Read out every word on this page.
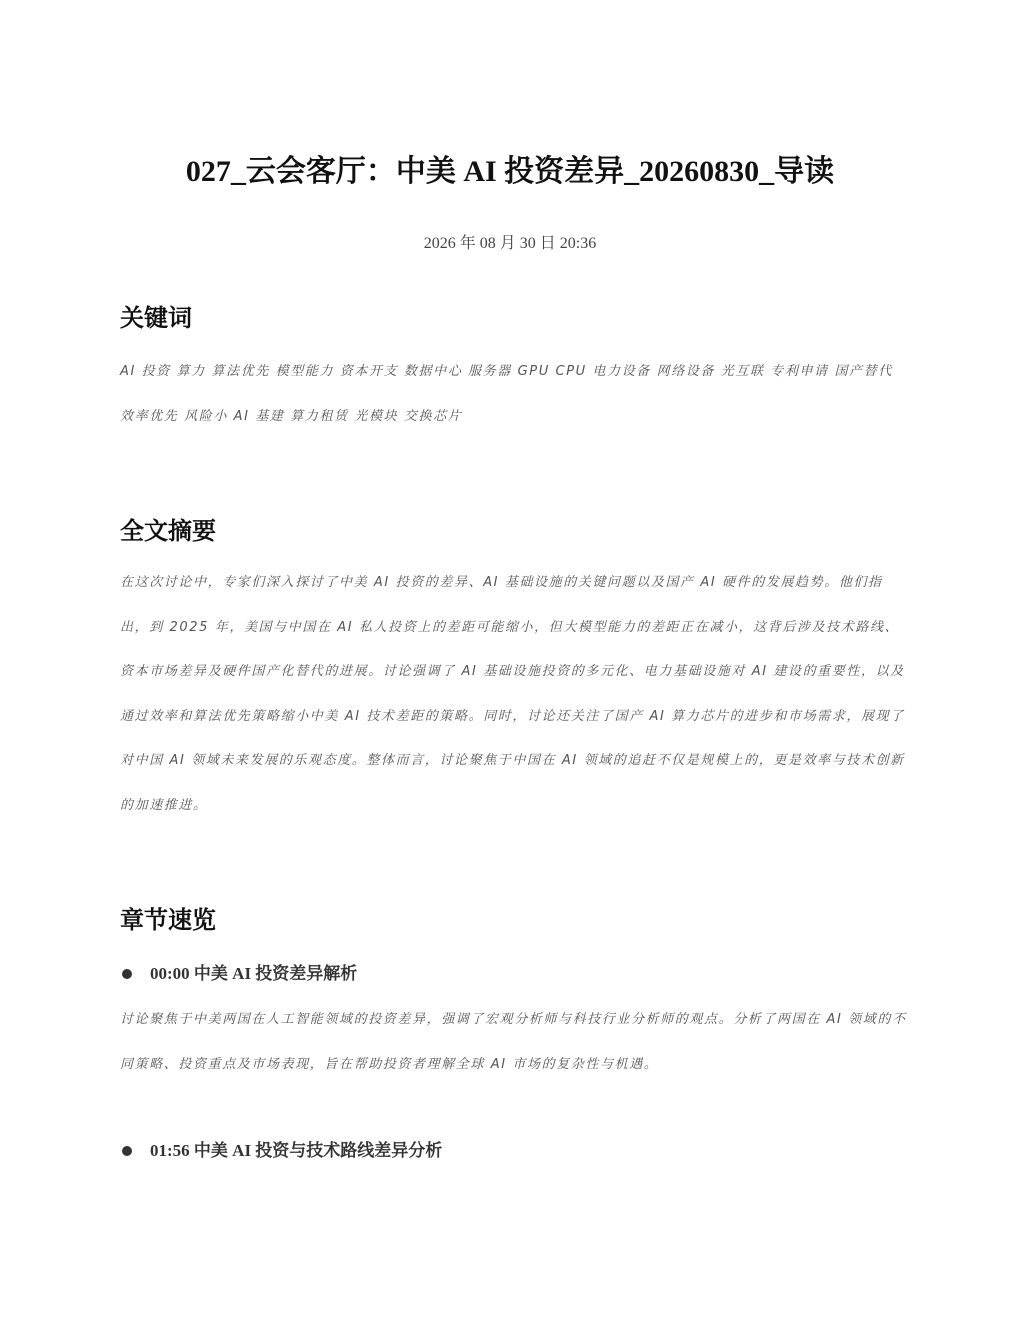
027_云会客厅：中美 AI 投资差异_20260830_导读
2026 年 08 月 30 日 20:36
关键词

AI 投资 算力 算法优先 模型能力 资本开支 数据中心 服务器 GPU CPU 电力设备 网络设备 光互联 专利申请 国产替代 效率优先 风险小 AI 基建 算力租赁 光模块 交换芯片

全文摘要

在这次讨论中，专家们深入探讨了中美 AI 投资的差异、AI 基础设施的关键问题以及国产 AI 硬件的发展趋势。他们指出，到 2025 年，美国与中国在 AI 私人投资上的差距可能缩小，但大模型能力的差距正在减小，这背后涉及技术路线、资本市场差异及硬件国产化替代的进展。讨论强调了 AI 基础设施投资的多元化、电力基础设施对 AI 建设的重要性，以及通过效率和算法优先策略缩小中美 AI 技术差距的策略。同时，讨论还关注了国产 AI 算力芯片的进步和市场需求，展现了对中国 AI 领域未来发展的乐观态度。整体而言，讨论聚焦于中国在 AI 领域的追赶不仅是规模上的，更是效率与技术创新的加速推进。

章节速览
00:00 中美 AI 投资差异解析

讨论聚焦于中美两国在人工智能领域的投资差异，强调了宏观分析师与科技行业分析师的观点。分析了两国在 AI 领域的不同策略、投资重点及市场表现，旨在帮助投资者理解全球 AI 市场的复杂性与机遇。

01:56 中美 AI 投资与技术路线差异分析
